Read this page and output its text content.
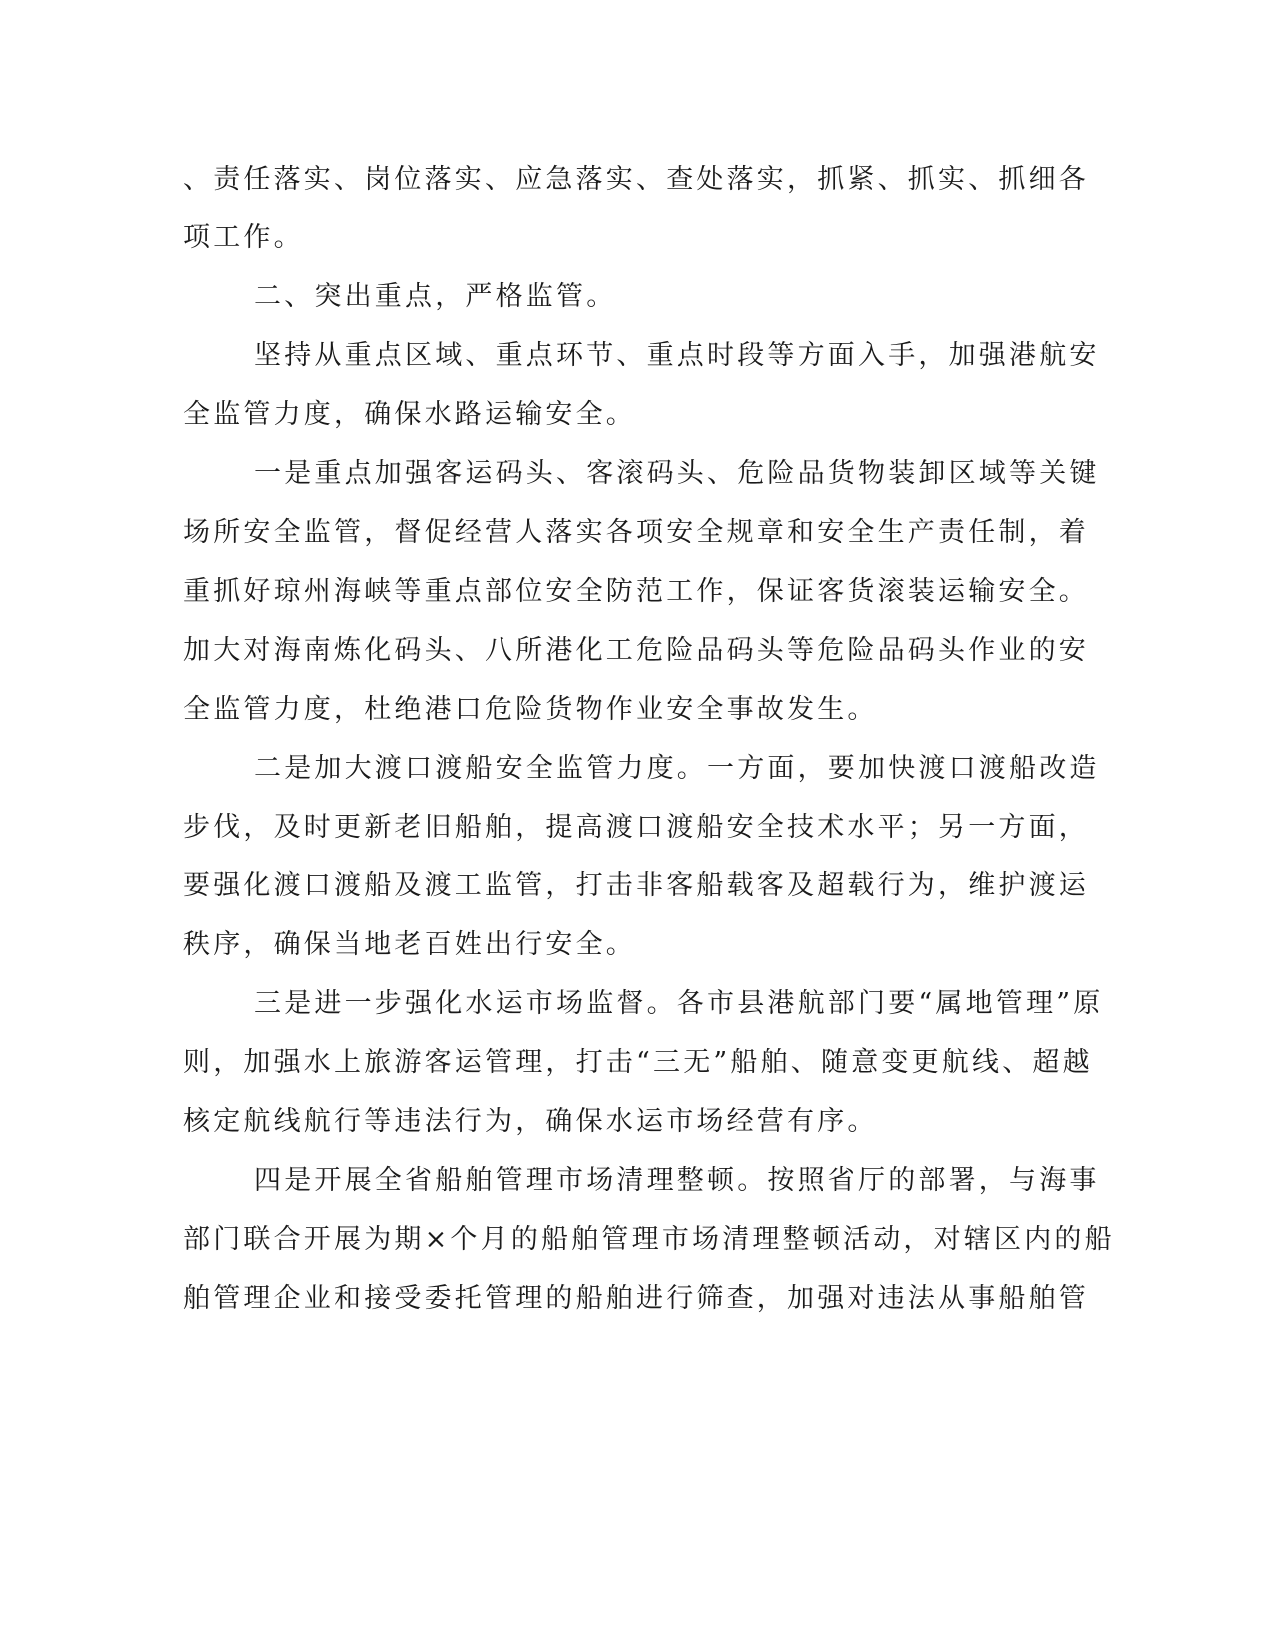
、责任落实、岗位落实、应急落实、查处落实，抓紧、抓实、抓细各
项工作。
二、突出重点，严格监管。
坚持从重点区域、重点环节、重点时段等方面入手，加强港航安
全监管力度，确保水路运输安全。
一是重点加强客运码头、客滚码头、危险品货物装卸区域等关键
场所安全监管，督促经营人落实各项安全规章和安全生产责任制，着
重抓好琼州海峡等重点部位安全防范工作，保证客货滚装运输安全。
加大对海南炼化码头、八所港化工危险品码头等危险品码头作业的安
全监管力度，杜绝港口危险货物作业安全事故发生。
二是加大渡口渡船安全监管力度。一方面，要加快渡口渡船改造
步伐，及时更新老旧船舶，提高渡口渡船安全技术水平；另一方面，
要强化渡口渡船及渡工监管，打击非客船载客及超载行为，维护渡运
秩序，确保当地老百姓出行安全。
三是进一步强化水运市场监督。各市县港航部门要“属地管理”原
则，加强水上旅游客运管理，打击“三无”船舶、随意变更航线、超越
核定航线航行等违法行为，确保水运市场经营有序。
四是开展全省船舶管理市场清理整顿。按照省厅的部署，与海事
部门联合开展为期×个月的船舶管理市场清理整顿活动，对辖区内的船
舶管理企业和接受委托管理的船舶进行筛查，加强对违法从事船舶管
